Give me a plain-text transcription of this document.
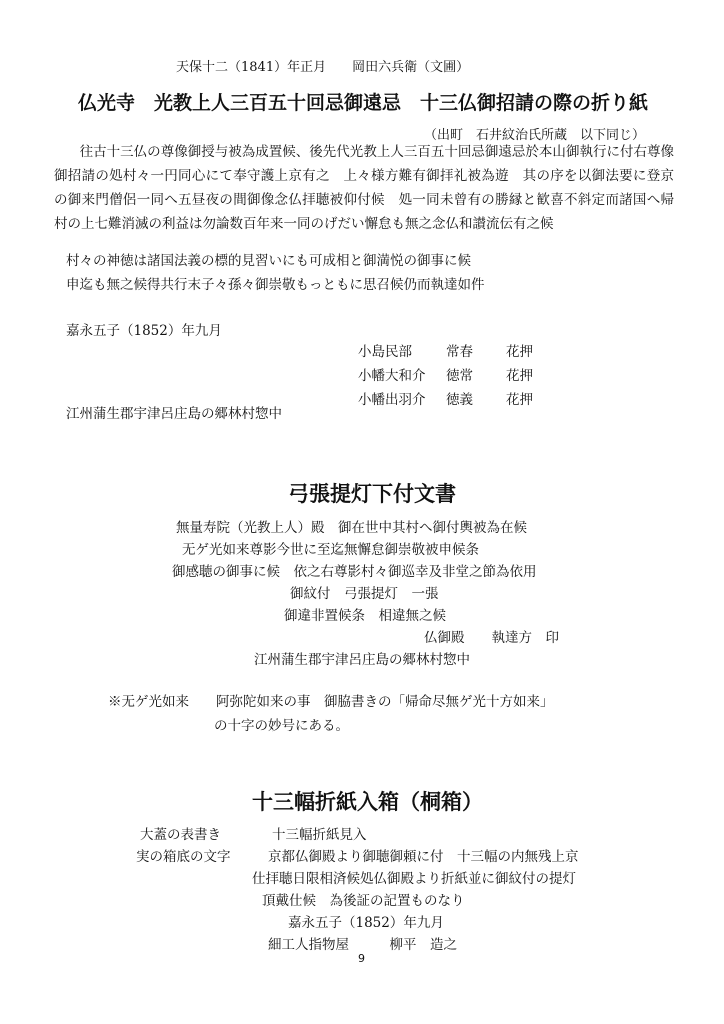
天保十二（1841）年正月　　岡田六兵衛（文圃）
仏光寺　光教上人三百五十回忌御遠忌　十三仏御招請の際の折り紙
（出町　石井紋治氏所蔵　以下同じ）

往古十三仏の尊像御授与被為成置候、後先代光教上人三百五十回忌御遠忌於本山御執行に付右尊像御招請の処村々一円同心にて奉守護上京有之　上々様方難有御拝礼被為遊　其の序を以御法要に登京の御来門僧侶一同へ五昼夜の間御像念仏拝聴被仰付候　処一同未曾有の勝縁と歓喜不斜定而諸国へ帰村の上七難消滅の利益は勿論数百年来一同のげだい懈怠も無之念仏和讃流伝有之候

村々の神徳は諸国法義の標的見習いにも可成相と御満悦の御事に候
申迄も無之候得共行末子々孫々御崇敬もっともに思召候仍而執達如件
嘉永五子（1852）年九月
小島民部	常春	花押
小幡大和介	徳常	花押
小幡出羽介	徳義	花押
江州蒲生郡宇津呂庄島の郷林村惣中
弓張提灯下付文書
無量寿院（光教上人）殿　御在世中其村へ御付輿被為在候
无ゲ光如来尊影今世に至迄無懈怠御崇敬被申候条
御感聴の御事に候　依之右尊影村々御巡幸及非堂之節為依用
御紋付　弓張提灯　一張
御違非置候条　相違無之候
仏御殿　　執達方　印
江州蒲生郡宇津呂庄島の郷林村惣中
※无ゲ光如来　　阿弥陀如来の事　御脇書きの「帰命尽無ゲ光十方如来」
の十字の妙号にある。
十三幅折紙入箱（桐箱）
大蓋の表書き	十三幅折紙見入
実の箱底の文字	京都仏御殿より御聴御頼に付　十三幅の内無残上京
仕拝聴日限相済候処仏御殿より折紙並に御紋付の提灯
頂戴仕候　為後証の記置ものなり
嘉永五子（1852）年九月
細工人指物屋　　　柳平　造之
9
